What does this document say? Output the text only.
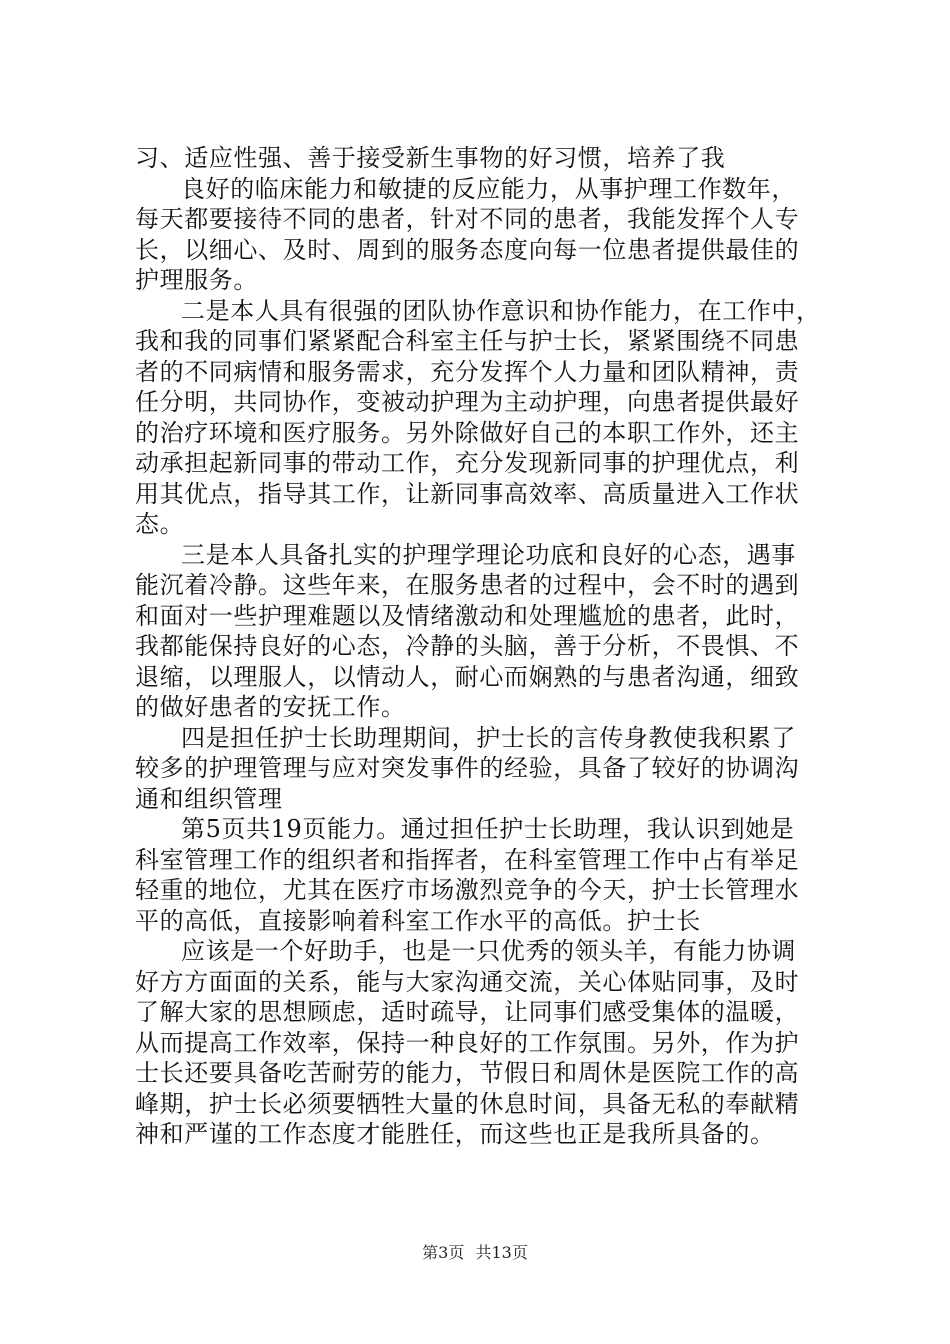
习、适应性强、善于接受新生事物的好习惯，培养了我
良好的临床能力和敏捷的反应能力，从事护理工作数年，
每天都要接待不同的患者，针对不同的患者，我能发挥个人专
长，以细心、及时、周到的服务态度向每一位患者提供最佳的
护理服务。
二是本人具有很强的团队协作意识和协作能力，在工作中，
我和我的同事们紧紧配合科室主任与护士长，紧紧围绕不同患
者的不同病情和服务需求，充分发挥个人力量和团队精神，责
任分明，共同协作，变被动护理为主动护理，向患者提供最好
的治疗环境和医疗服务。另外除做好自己的本职工作外，还主
动承担起新同事的带动工作，充分发现新同事的护理优点，利
用其优点，指导其工作，让新同事高效率、高质量进入工作状
态。
三是本人具备扎实的护理学理论功底和良好的心态，遇事
能沉着冷静。这些年来，在服务患者的过程中，会不时的遇到
和面对一些护理难题以及情绪激动和处理尴尬的患者，此时，
我都能保持良好的心态，冷静的头脑，善于分析，不畏惧、不
退缩，以理服人，以情动人，耐心而娴熟的与患者沟通，细致
的做好患者的安抚工作。
四是担任护士长助理期间，护士长的言传身教使我积累了
较多的护理管理与应对突发事件的经验，具备了较好的协调沟
通和组织管理
第5页共19页能力。通过担任护士长助理，我认识到她是
科室管理工作的组织者和指挥者，在科室管理工作中占有举足
轻重的地位，尤其在医疗市场激烈竞争的今天，护士长管理水
平的高低，直接影响着科室工作水平的高低。护士长
应该是一个好助手，也是一只优秀的领头羊，有能力协调
好方方面面的关系，能与大家沟通交流，关心体贴同事，及时
了解大家的思想顾虑，适时疏导，让同事们感受集体的温暖，
从而提高工作效率，保持一种良好的工作氛围。另外，作为护
士长还要具备吃苦耐劳的能力，节假日和周休是医院工作的高
峰期，护士长必须要牺牲大量的休息时间，具备无私的奉献精
神和严谨的工作态度才能胜任，而这些也正是我所具备的。
第3页 共13页
